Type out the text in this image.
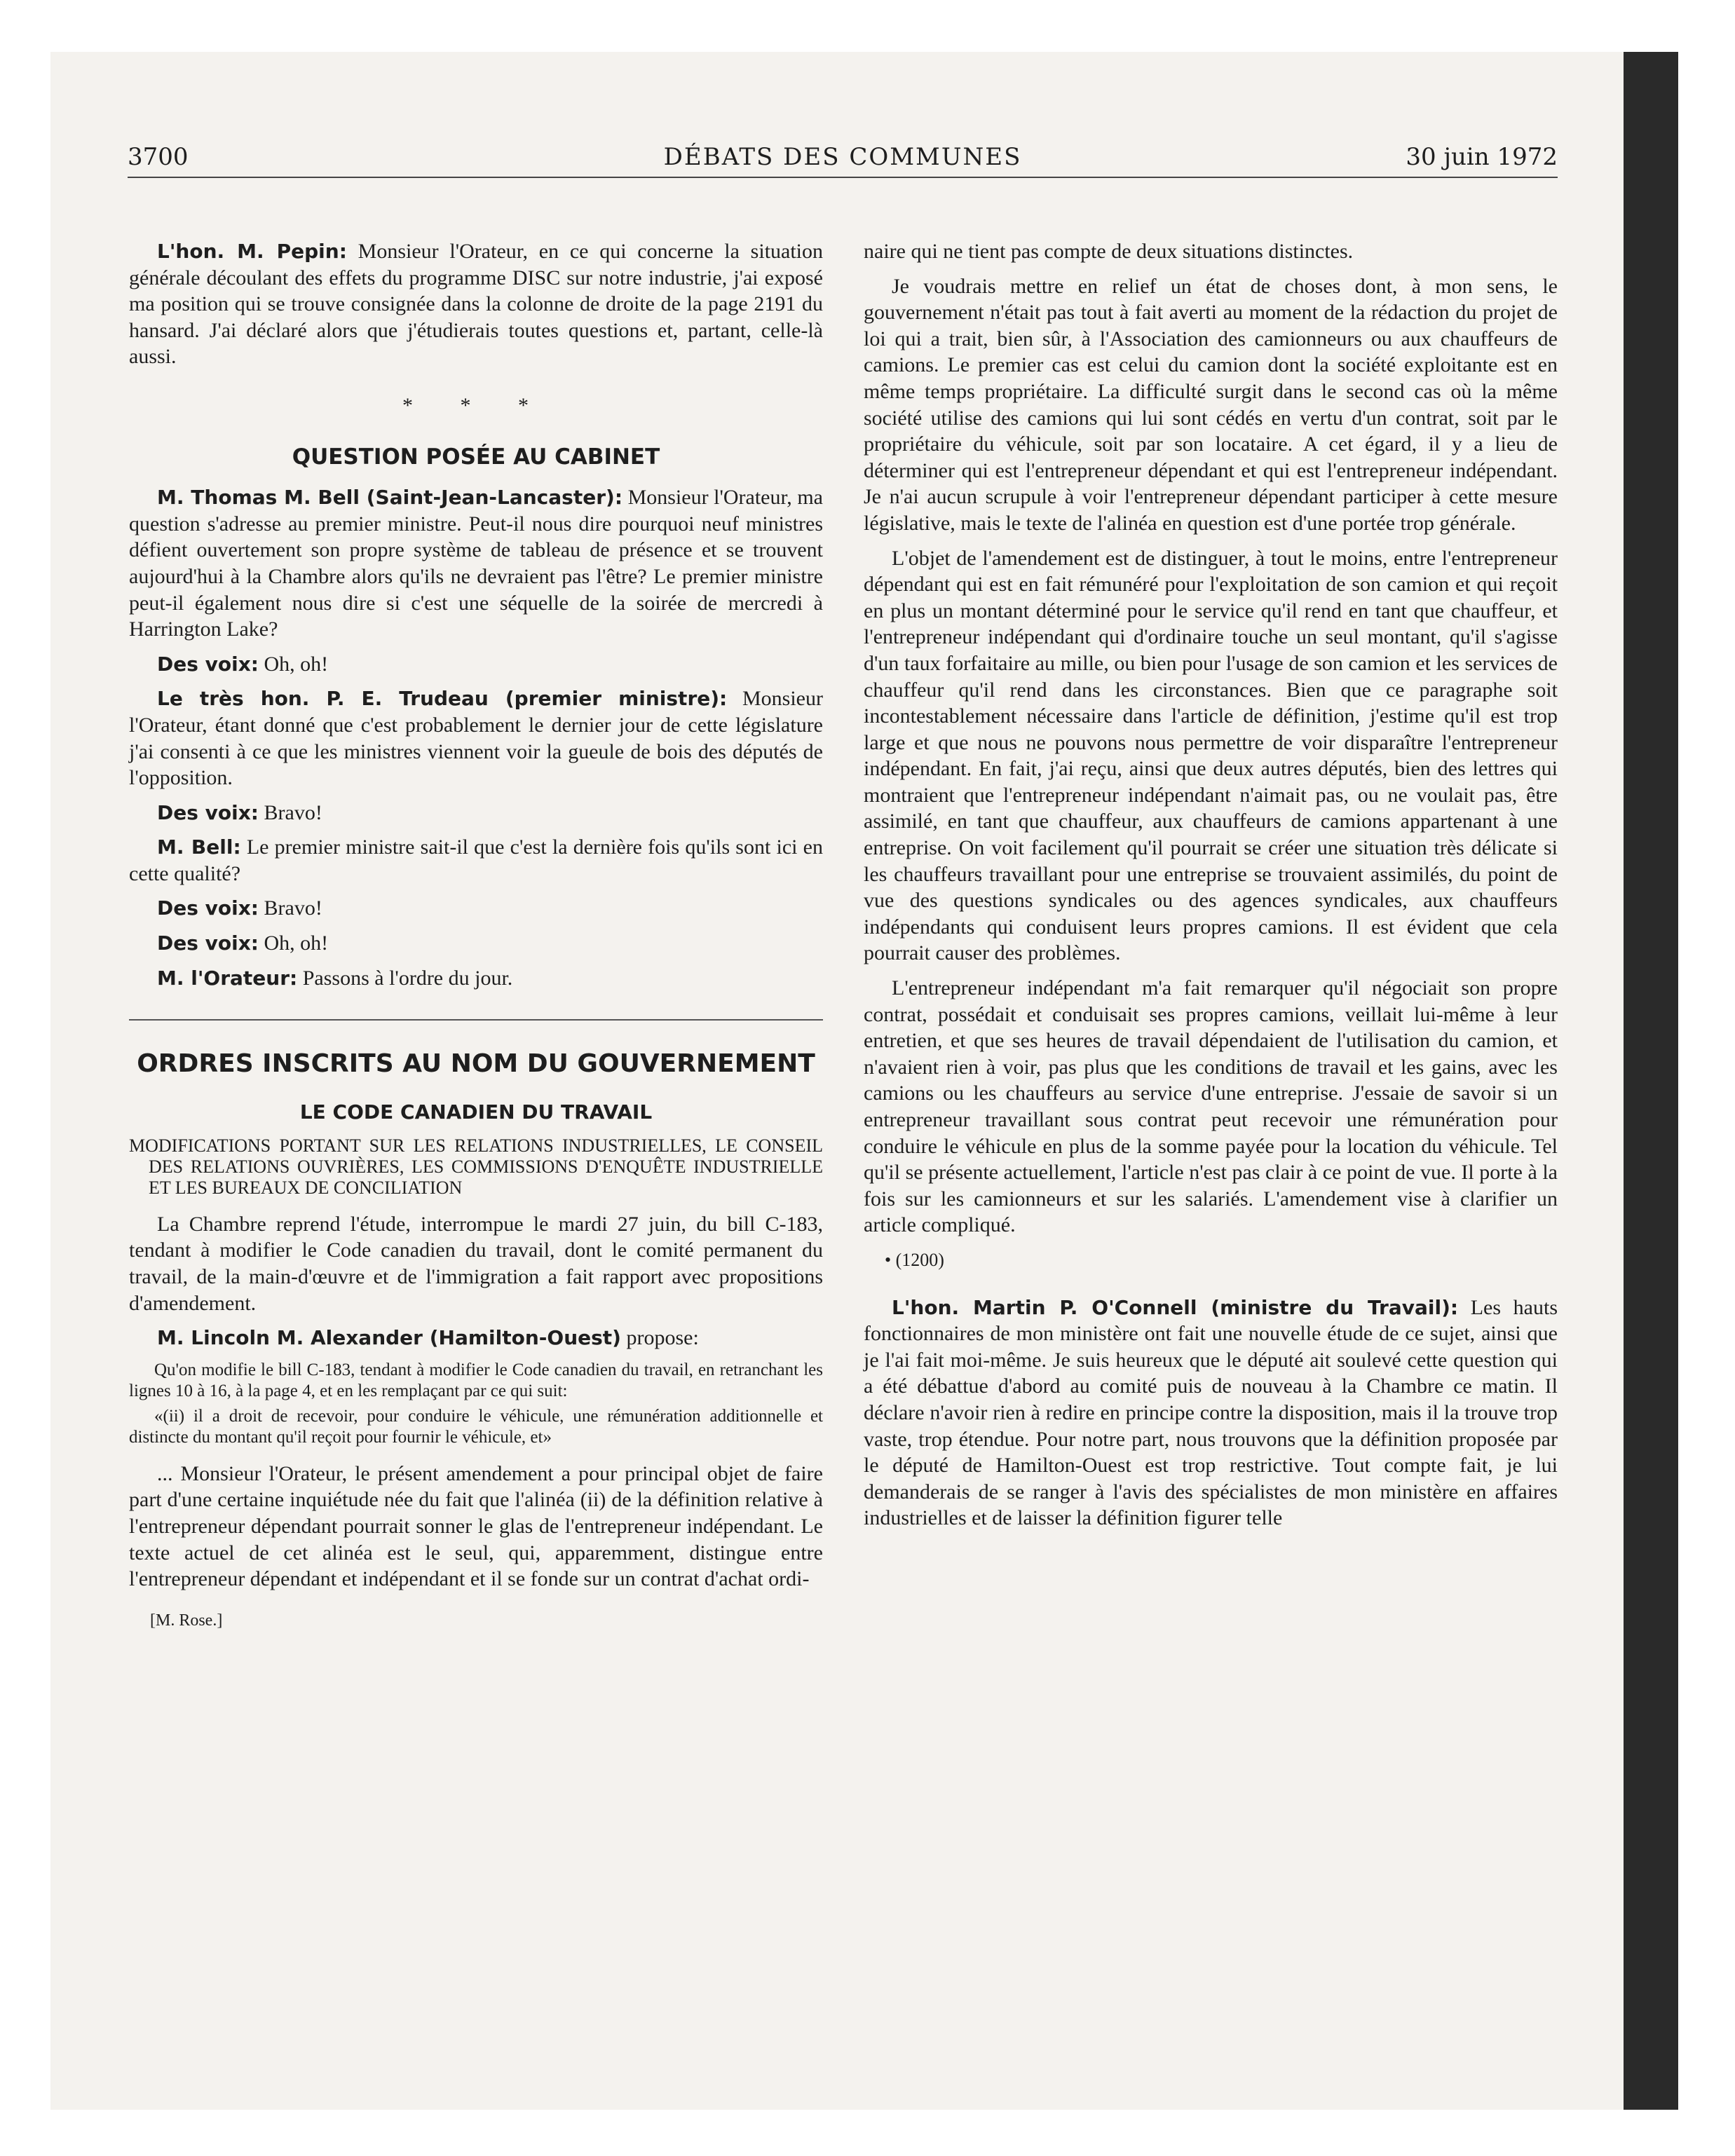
3700	DÉBATS DES COMMUNES	30 juin 1972

L'hon. M. Pepin: Monsieur l'Orateur, en ce qui concerne la situation générale découlant des effets du programme DISC sur notre industrie, j'ai exposé ma position qui se trouve consignée dans la colonne de droite de la page 2191 du hansard. J'ai déclaré alors que j'étudierais toutes questions et, partant, celle-là aussi.

* * *
QUESTION POSÉE AU CABINET

M. Thomas M. Bell (Saint-Jean-Lancaster): Monsieur l'Orateur, ma question s'adresse au premier ministre. Peut-il nous dire pourquoi neuf ministres défient ouvertement son propre système de tableau de présence et se trouvent aujourd'hui à la Chambre alors qu'ils ne devraient pas l'être? Le premier ministre peut-il également nous dire si c'est une séquelle de la soirée de mercredi à Harrington Lake?

Des voix: Oh, oh!

Le très hon. P. E. Trudeau (premier ministre): Monsieur l'Orateur, étant donné que c'est probablement le dernier jour de cette législature j'ai consenti à ce que les ministres viennent voir la gueule de bois des députés de l'opposition.

Des voix: Bravo!

M. Bell: Le premier ministre sait-il que c'est la dernière fois qu'ils sont ici en cette qualité?

Des voix: Bravo!

Des voix: Oh, oh!

M. l'Orateur: Passons à l'ordre du jour.

ORDRES INSCRITS AU NOM DU GOUVERNEMENT
LE CODE CANADIEN DU TRAVAIL
MODIFICATIONS PORTANT SUR LES RELATIONS INDUSTRIELLES, LE CONSEIL DES RELATIONS OUVRIÈRES, LES COMMISSIONS D'ENQUÊTE INDUSTRIELLE ET LES BUREAUX DE CONCILIATION

La Chambre reprend l'étude, interrompue le mardi 27 juin, du bill C-183, tendant à modifier le Code canadien du travail, dont le comité permanent du travail, de la main-d'œuvre et de l'immigration a fait rapport avec propositions d'amendement.

M. Lincoln M. Alexander (Hamilton-Ouest) propose:

Qu'on modifie le bill C-183, tendant à modifier le Code canadien du travail, en retranchant les lignes 10 à 16, à la page 4, et en les remplaçant par ce qui suit:
«(ii) il a droit de recevoir, pour conduire le véhicule, une rémunération additionnelle et distincte du montant qu'il reçoit pour fournir le véhicule, et»

... Monsieur l'Orateur, le présent amendement a pour principal objet de faire part d'une certaine inquiétude née du fait que l'alinéa (ii) de la définition relative à l'entrepreneur dépendant pourrait sonner le glas de l'entrepreneur indépendant. Le texte actuel de cet alinéa est le seul, qui, apparemment, distingue entre l'entrepreneur dépendant et indépendant et il se fonde sur un contrat d'achat ordi-

[M. Rose.]

naire qui ne tient pas compte de deux situations distinctes.

Je voudrais mettre en relief un état de choses dont, à mon sens, le gouvernement n'était pas tout à fait averti au moment de la rédaction du projet de loi qui a trait, bien sûr, à l'Association des camionneurs ou aux chauffeurs de camions. Le premier cas est celui du camion dont la société exploitante est en même temps propriétaire. La difficulté surgit dans le second cas où la même société utilise des camions qui lui sont cédés en vertu d'un contrat, soit par le propriétaire du véhicule, soit par son locataire. A cet égard, il y a lieu de déterminer qui est l'entrepreneur dépendant et qui est l'entrepreneur indépendant. Je n'ai aucun scrupule à voir l'entrepreneur dépendant participer à cette mesure législative, mais le texte de l'alinéa en question est d'une portée trop générale.

L'objet de l'amendement est de distinguer, à tout le moins, entre l'entrepreneur dépendant qui est en fait rémunéré pour l'exploitation de son camion et qui reçoit en plus un montant déterminé pour le service qu'il rend en tant que chauffeur, et l'entrepreneur indépendant qui d'ordinaire touche un seul montant, qu'il s'agisse d'un taux forfaitaire au mille, ou bien pour l'usage de son camion et les services de chauffeur qu'il rend dans les circonstances. Bien que ce paragraphe soit incontestablement nécessaire dans l'article de définition, j'estime qu'il est trop large et que nous ne pouvons nous permettre de voir disparaître l'entrepreneur indépendant. En fait, j'ai reçu, ainsi que deux autres députés, bien des lettres qui montraient que l'entrepreneur indépendant n'aimait pas, ou ne voulait pas, être assimilé, en tant que chauffeur, aux chauffeurs de camions appartenant à une entreprise. On voit facilement qu'il pourrait se créer une situation très délicate si les chauffeurs travaillant pour une entreprise se trouvaient assimilés, du point de vue des questions syndicales ou des agences syndicales, aux chauffeurs indépendants qui conduisent leurs propres camions. Il est évident que cela pourrait causer des problèmes.

L'entrepreneur indépendant m'a fait remarquer qu'il négociait son propre contrat, possédait et conduisait ses propres camions, veillait lui-même à leur entretien, et que ses heures de travail dépendaient de l'utilisation du camion, et n'avaient rien à voir, pas plus que les conditions de travail et les gains, avec les camions ou les chauffeurs au service d'une entreprise. J'essaie de savoir si un entrepreneur travaillant sous contrat peut recevoir une rémunération pour conduire le véhicule en plus de la somme payée pour la location du véhicule. Tel qu'il se présente actuellement, l'article n'est pas clair à ce point de vue. Il porte à la fois sur les camionneurs et sur les salariés. L'amendement vise à clarifier un article compliqué.

• (1200)

L'hon. Martin P. O'Connell (ministre du Travail): Les hauts fonctionnaires de mon ministère ont fait une nouvelle étude de ce sujet, ainsi que je l'ai fait moi-même. Je suis heureux que le député ait soulevé cette question qui a été débattue d'abord au comité puis de nouveau à la Chambre ce matin. Il déclare n'avoir rien à redire en principe contre la disposition, mais il la trouve trop vaste, trop étendue. Pour notre part, nous trouvons que la définition proposée par le député de Hamilton-Ouest est trop restrictive. Tout compte fait, je lui demanderais de se ranger à l'avis des spécialistes de mon ministère en affaires industrielles et de laisser la définition figurer telle
